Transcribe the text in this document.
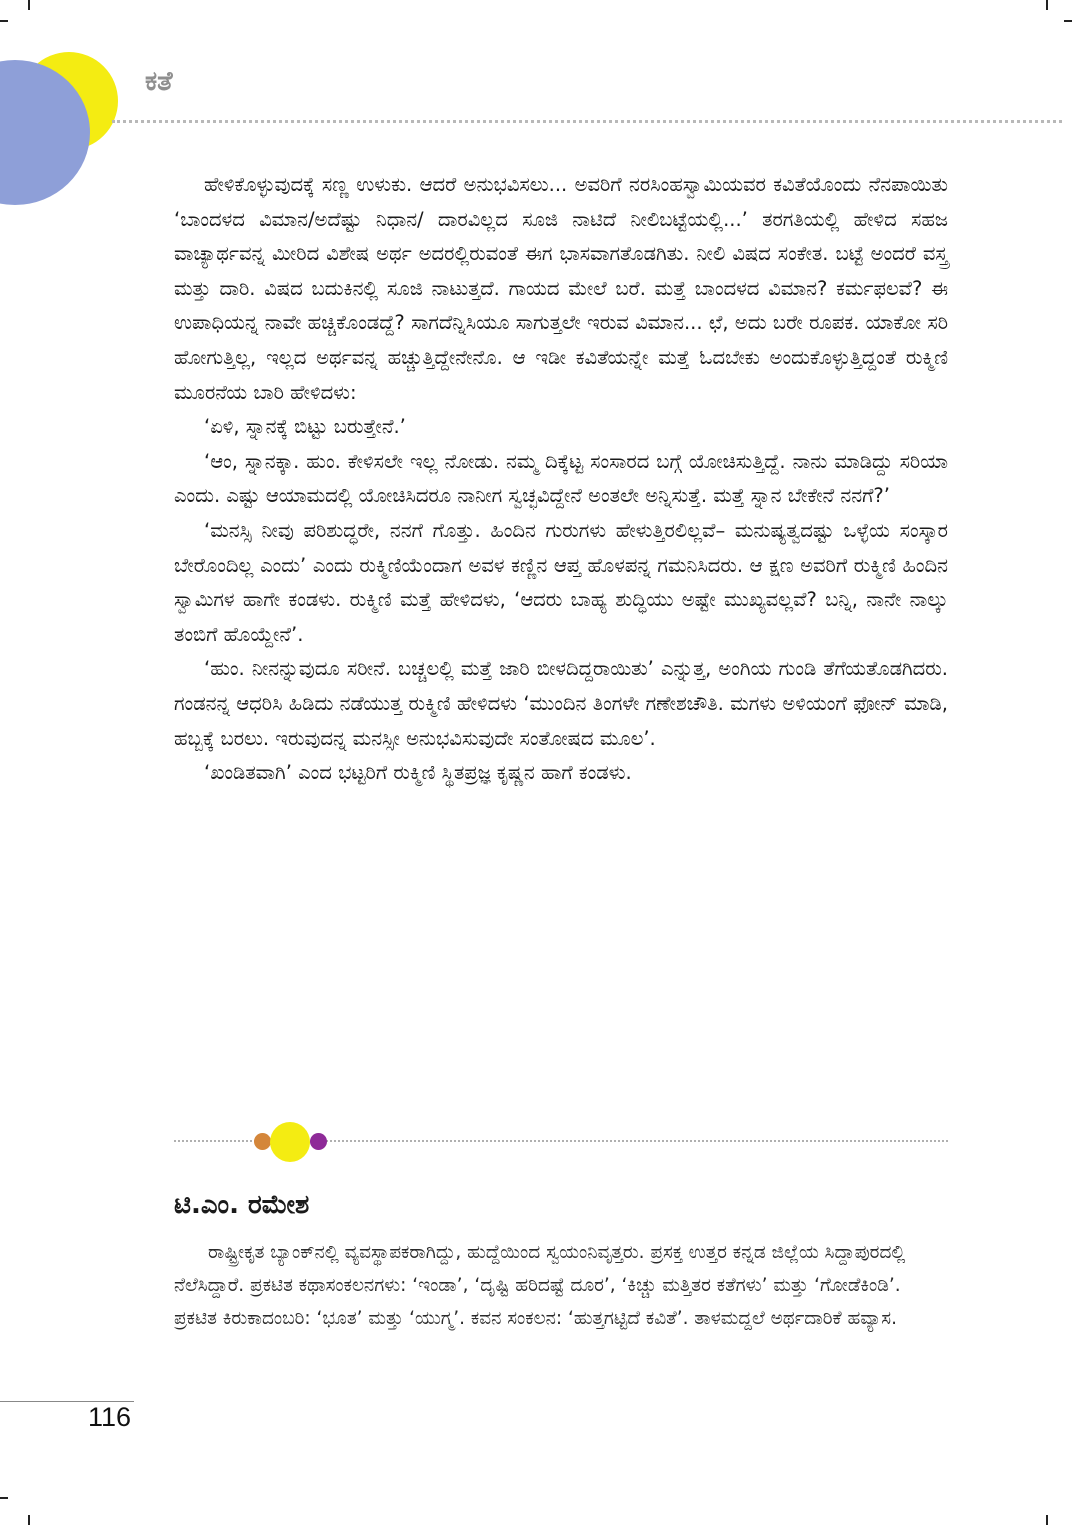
ಕತೆ

ಹೇಳಿಕೊಳ್ಳುವುದಕ್ಕೆ ಸಣ್ಣ ಉಳುಕು. ಆದರೆ ಅನುಭವಿಸಲು... ಅವರಿಗೆ ನರಸಿಂಹಸ್ವಾಮಿಯವರ ಕವಿತೆಯೊಂದು ನೆನಪಾಯಿತು ‘ಬಾಂದಳದ ವಿಮಾನ/ಅದೆಷ್ಟು ನಿಧಾನ/ ದಾರವಿಲ್ಲದ ಸೂಜಿ ನಾಟಿದೆ ನೀಲಿಬಟ್ಟೆಯಲ್ಲಿ...’ ತರಗತಿಯಲ್ಲಿ ಹೇಳಿದ ಸಹಜ ವಾಚ್ಯಾರ್ಥವನ್ನ ಮೀರಿದ ವಿಶೇಷ ಅರ್ಥ ಅದರಲ್ಲಿರುವಂತೆ ಈಗ ಭಾಸವಾಗತೊಡಗಿತು. ನೀಲಿ ವಿಷದ ಸಂಕೇತ. ಬಟ್ಟೆ ಅಂದರೆ ವಸ್ತ್ರ ಮತ್ತು ದಾರಿ. ವಿಷದ ಬದುಕಿನಲ್ಲಿ ಸೂಜಿ ನಾಟುತ್ತದೆ. ಗಾಯದ ಮೇಲೆ ಬರೆ. ಮತ್ತೆ ಬಾಂದಳದ ವಿಮಾನ? ಕರ್ಮಫಲವೆ? ಈ ಉಪಾಧಿಯನ್ನ ನಾವೇ ಹಚ್ಚಿಕೊಂಡದ್ದೆ? ಸಾಗದೆನ್ನಿಸಿಯೂ ಸಾಗುತ್ತಲೇ ಇರುವ ವಿಮಾನ... ಛೆ, ಅದು ಬರೇ ರೂಪಕ. ಯಾಕೋ ಸರಿ ಹೋಗುತ್ತಿಲ್ಲ, ಇಲ್ಲದ ಅರ್ಥವನ್ನ ಹಚ್ಚುತ್ತಿದ್ದೇನೇನೊ. ಆ ಇಡೀ ಕವಿತೆಯನ್ನೇ ಮತ್ತೆ ಓದಬೇಕು ಅಂದುಕೊಳ್ಳುತ್ತಿದ್ದಂತೆ ರುಕ್ಮಿಣಿ ಮೂರನೆಯ ಬಾರಿ ಹೇಳಿದಳು:

‘ಏಳಿ, ಸ್ನಾನಕ್ಕೆ ಬಿಟ್ಟು ಬರುತ್ತೇನೆ.’

‘ಆಂ, ಸ್ನಾನಕ್ಕಾ. ಹುಂ. ಕೇಳಿಸಲೇ ಇಲ್ಲ ನೋಡು. ನಮ್ಮ ದಿಕ್ಕೆಟ್ಟ ಸಂಸಾರದ ಬಗ್ಗೆ ಯೋಚಿಸುತ್ತಿದ್ದೆ. ನಾನು ಮಾಡಿದ್ದು ಸರಿಯಾ ಎಂದು. ಎಷ್ಟು ಆಯಾಮದಲ್ಲಿ ಯೋಚಿಸಿದರೂ ನಾನೀಗ ಸ್ವಚ್ಛವಿದ್ದೇನೆ ಅಂತಲೇ ಅನ್ನಿಸುತ್ತೆ. ಮತ್ತೆ ಸ್ನಾನ ಬೇಕೇನೆ ನನಗೆ?’

‘ಮನಸ್ಸಿ ನೀವು ಪರಿಶುದ್ಧರೇ, ನನಗೆ ಗೊತ್ತು. ಹಿಂದಿನ ಗುರುಗಳು ಹೇಳುತ್ತಿರಲಿಲ್ಲವೆ– ಮನುಷ್ಯತ್ವದಷ್ಟು ಒಳ್ಳೆಯ ಸಂಸ್ಕಾರ ಬೇರೊಂದಿಲ್ಲ ಎಂದು’ ಎಂದು ರುಕ್ಮಿಣಿಯೆಂದಾಗ ಅವಳ ಕಣ್ಣಿನ ಆಪ್ತ ಹೊಳಪನ್ನ ಗಮನಿಸಿದರು. ಆ ಕ್ಷಣ ಅವರಿಗೆ ರುಕ್ಮಿಣಿ ಹಿಂದಿನ ಸ್ವಾಮಿಗಳ ಹಾಗೇ ಕಂಡಳು. ರುಕ್ಮಿಣಿ ಮತ್ತೆ ಹೇಳಿದಳು, ‘ಆದರು ಬಾಹ್ಯ ಶುದ್ಧಿಯು ಅಷ್ಟೇ ಮುಖ್ಯವಲ್ಲವೆ? ಬನ್ನಿ, ನಾನೇ ನಾಲ್ಕು ತಂಬಿಗೆ ಹೊಯ್ದೇನೆ’.

‘ಹುಂ. ನೀನನ್ನುವುದೂ ಸರೀನೆ. ಬಚ್ಚಲಲ್ಲಿ ಮತ್ತೆ ಜಾರಿ ಬೀಳದಿದ್ದರಾಯಿತು’ ಎನ್ನುತ್ತ, ಅಂಗಿಯ ಗುಂಡಿ ತೆಗೆಯತೊಡಗಿದರು. ಗಂಡನನ್ನ ಆಧರಿಸಿ ಹಿಡಿದು ನಡೆಯುತ್ತ ರುಕ್ಮಿಣಿ ಹೇಳಿದಳು ‘ಮುಂದಿನ ತಿಂಗಳೇ ಗಣೇಶಚೌತಿ. ಮಗಳು ಅಳಿಯಂಗೆ ಫೋನ್ ಮಾಡಿ, ಹಬ್ಬಕ್ಕೆ ಬರಲು. ಇರುವುದನ್ನ ಮನಸ್ಸೀ ಅನುಭವಿಸುವುದೇ ಸಂತೋಷದ ಮೂಲ’.

‘ಖಂಡಿತವಾಗಿ’ ಎಂದ ಭಟ್ಟರಿಗೆ ರುಕ್ಮಿಣಿ ಸ್ಥಿತಪ್ರಜ್ಞ ಕೃಷ್ಣನ ಹಾಗೆ ಕಂಡಳು.

ಟಿ.ಎಂ. ರಮೇಶ

ರಾಷ್ಟ್ರೀಕೃತ ಬ್ಯಾಂಕ್‌ನಲ್ಲಿ ವ್ಯವಸ್ಥಾಪಕರಾಗಿದ್ದು, ಹುದ್ದೆಯಿಂದ ಸ್ವಯಂನಿವೃತ್ತರು. ಪ್ರಸಕ್ತ ಉತ್ತರ ಕನ್ನಡ ಜಿಲ್ಲೆಯ ಸಿದ್ದಾಪುರದಲ್ಲಿ ನೆಲೆಸಿದ್ದಾರೆ. ಪ್ರಕಟಿತ ಕಥಾಸಂಕಲನಗಳು: ‘ಇಂಡಾ’, ‘ದೃಷ್ಟಿ ಹರಿದಷ್ಟೆ ದೂರ’, ‘ಕಿಚ್ಚು ಮತ್ತಿತರ ಕತೆಗಳು’ ಮತ್ತು ‘ಗೋಡೆಕಿಂಡಿ’. ಪ್ರಕಟಿತ ಕಿರುಕಾದಂಬರಿ: ‘ಭೂತ’ ಮತ್ತು ‘ಯುಗ್ಮ’. ಕವನ ಸಂಕಲನ: ‘ಹುತ್ತಗಟ್ಟಿದೆ ಕವಿತೆ’. ತಾಳಮದ್ದಲೆ ಅರ್ಥದಾರಿಕೆ ಹವ್ಯಾಸ.

116
